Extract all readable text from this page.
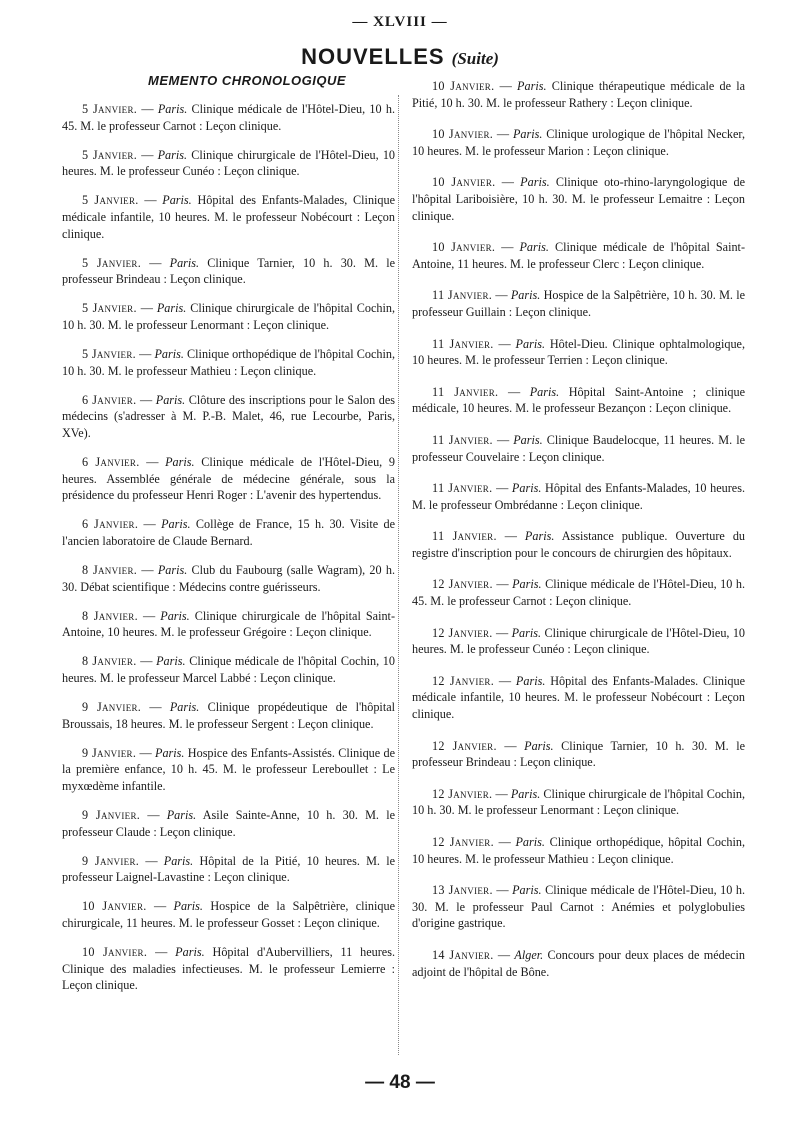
— XLVIII —
NOUVELLES (Suite)
MEMENTO CHRONOLOGIQUE

5 Janvier. — Paris. Clinique médicale de l'Hôtel-Dieu, 10 h. 45. M. le professeur Carnot : Leçon clinique.

5 Janvier. — Paris. Clinique chirurgicale de l'Hôtel-Dieu, 10 heures. M. le professeur Cunéo : Leçon clinique.

5 Janvier. — Paris. Hôpital des Enfants-Malades, Clinique médicale infantile, 10 heures. M. le professeur Nobécourt : Leçon clinique.

5 Janvier. — Paris. Clinique Tarnier, 10 h. 30. M. le professeur Brindeau : Leçon clinique.

5 Janvier. — Paris. Clinique chirurgicale de l'hôpital Cochin, 10 h. 30. M. le professeur Lenormant : Leçon clinique.

5 Janvier. — Paris. Clinique orthopédique de l'hôpital Cochin, 10 h. 30. M. le professeur Mathieu : Leçon clinique.

6 Janvier. — Paris. Clôture des inscriptions pour le Salon des médecins (s'adresser à M. P.-B. Malet, 46, rue Lecourbe, Paris, XVe).

6 Janvier. — Paris. Clinique médicale de l'Hôtel-Dieu, 9 heures. Assemblée générale de médecine générale, sous la présidence du professeur Henri Roger : L'avenir des hypertendus.

6 Janvier. — Paris. Collège de France, 15 h. 30. Visite de l'ancien laboratoire de Claude Bernard.

8 Janvier. — Paris. Club du Faubourg (salle Wagram), 20 h. 30. Débat scientifique : Médecins contre guérisseurs.

8 Janvier. — Paris. Clinique chirurgicale de l'hôpital Saint-Antoine, 10 heures. M. le professeur Grégoire : Leçon clinique.

8 Janvier. — Paris. Clinique médicale de l'hôpital Cochin, 10 heures. M. le professeur Marcel Labbé : Leçon clinique.

9 Janvier. — Paris. Clinique propédeutique de l'hôpital Broussais, 18 heures. M. le professeur Sergent : Leçon clinique.

9 Janvier. — Paris. Hospice des Enfants-Assistés. Clinique de la première enfance, 10 h. 45. M. le professeur Lereboullet : Le myxœdème infantile.

9 Janvier. — Paris. Asile Sainte-Anne, 10 h. 30. M. le professeur Claude : Leçon clinique.

9 Janvier. — Paris. Hôpital de la Pitié, 10 heures. M. le professeur Laignel-Lavastine : Leçon clinique.

10 Janvier. — Paris. Hospice de la Salpêtrière, clinique chirurgicale, 11 heures. M. le professeur Gosset : Leçon clinique.

10 Janvier. — Paris. Hôpital d'Aubervilliers, 11 heures. Clinique des maladies infectieuses. M. le professeur Lemierre : Leçon clinique.

10 Janvier. — Paris. Clinique thérapeutique médicale de la Pitié, 10 h. 30. M. le professeur Rathery : Leçon clinique.

10 Janvier. — Paris. Clinique urologique de l'hôpital Necker, 10 heures. M. le professeur Marion : Leçon clinique.

10 Janvier. — Paris. Clinique oto-rhino-laryngologique de l'hôpital Lariboisière, 10 h. 30. M. le professeur Lemaitre : Leçon clinique.

10 Janvier. — Paris. Clinique médicale de l'hôpital Saint-Antoine, 11 heures. M. le professeur Clerc : Leçon clinique.

11 Janvier. — Paris. Hospice de la Salpêtrière, 10 h. 30. M. le professeur Guillain : Leçon clinique.

11 Janvier. — Paris. Hôtel-Dieu. Clinique ophtalmologique, 10 heures. M. le professeur Terrien : Leçon clinique.

11 Janvier. — Paris. Hôpital Saint-Antoine ; clinique médicale, 10 heures. M. le professeur Bezançon : Leçon clinique.

11 Janvier. — Paris. Clinique Baudelocque, 11 heures. M. le professeur Couvelaire : Leçon clinique.

11 Janvier. — Paris. Hôpital des Enfants-Malades, 10 heures. M. le professeur Ombrédanne : Leçon clinique.

11 Janvier. — Paris. Assistance publique. Ouverture du registre d'inscription pour le concours de chirurgien des hôpitaux.

12 Janvier. — Paris. Clinique médicale de l'Hôtel-Dieu, 10 h. 45. M. le professeur Carnot : Leçon clinique.

12 Janvier. — Paris. Clinique chirurgicale de l'Hôtel-Dieu, 10 heures. M. le professeur Cunéo : Leçon clinique.

12 Janvier. — Paris. Hôpital des Enfants-Malades. Clinique médicale infantile, 10 heures. M. le professeur Nobécourt : Leçon clinique.

12 Janvier. — Paris. Clinique Tarnier, 10 h. 30. M. le professeur Brindeau : Leçon clinique.

12 Janvier. — Paris. Clinique chirurgicale de l'hôpital Cochin, 10 h. 30. M. le professeur Lenormant : Leçon clinique.

12 Janvier. — Paris. Clinique orthopédique, hôpital Cochin, 10 heures. M. le professeur Mathieu : Leçon clinique.

13 Janvier. — Paris. Clinique médicale de l'Hôtel-Dieu, 10 h. 30. M. le professeur Paul Carnot : Anémies et polyglobulies d'origine gastrique.

14 Janvier. — Alger. Concours pour deux places de médecin adjoint de l'hôpital de Bône.

— 48 —
